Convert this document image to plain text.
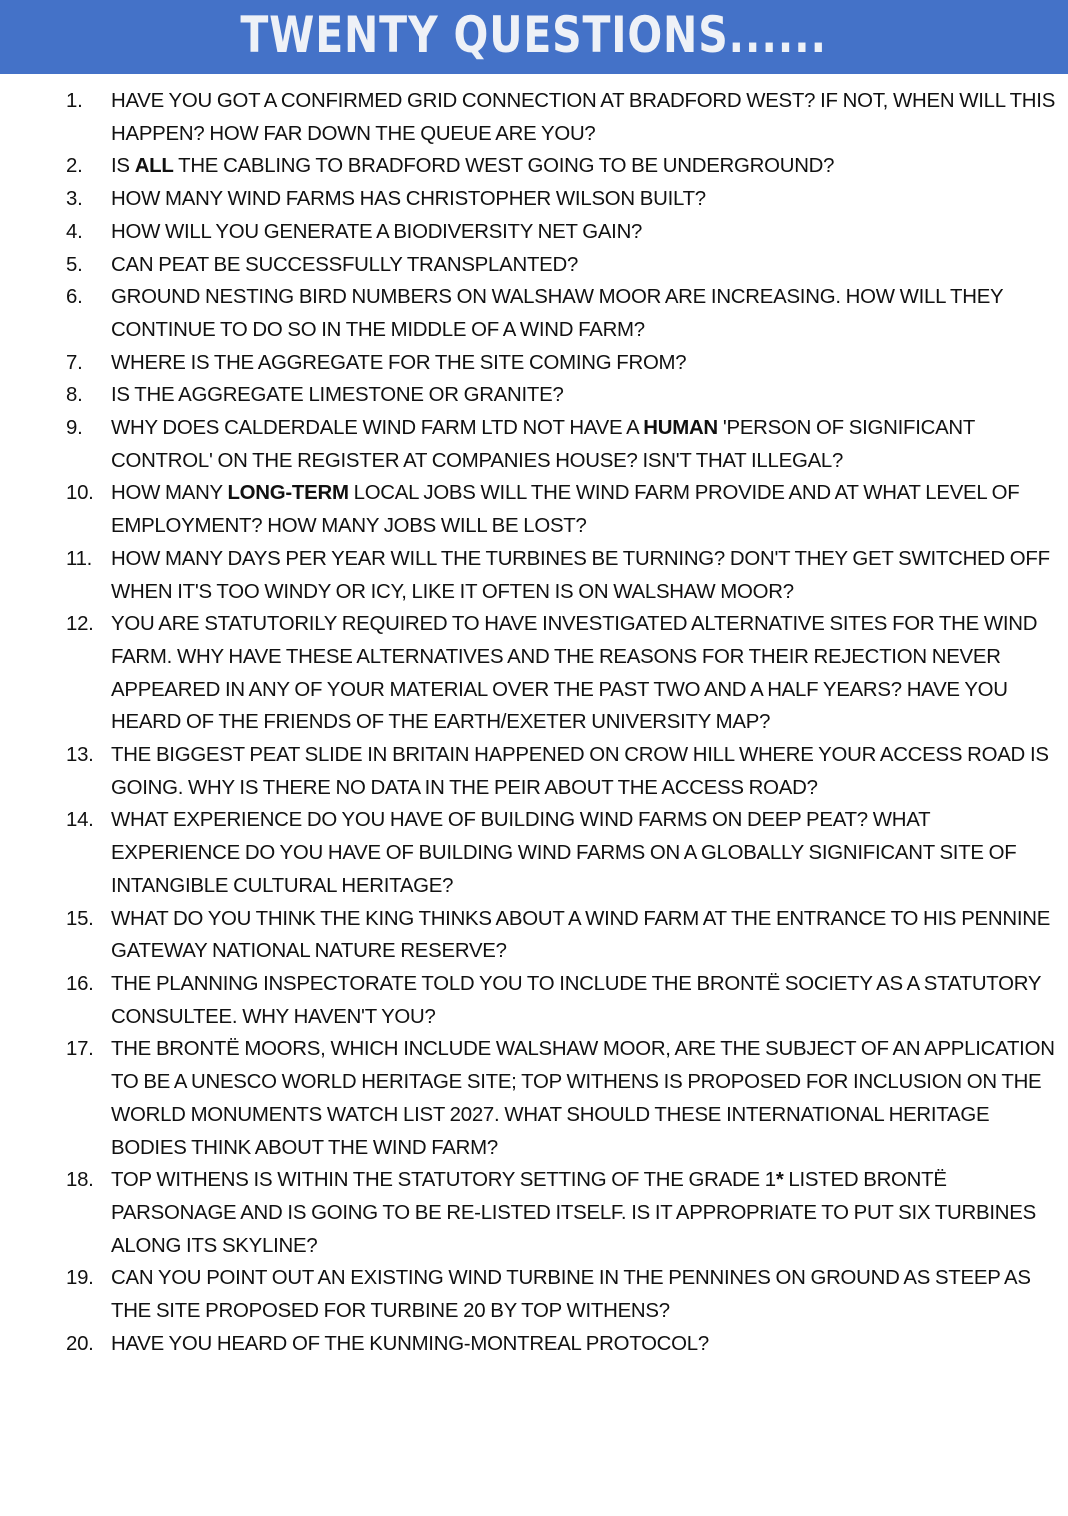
TWENTY QUESTIONS......
1. HAVE YOU GOT A CONFIRMED GRID CONNECTION AT BRADFORD WEST? IF NOT, WHEN WILL THIS HAPPEN? HOW FAR DOWN THE QUEUE ARE YOU?
2. IS ALL THE CABLING TO BRADFORD WEST GOING TO BE UNDERGROUND?
3. HOW MANY WIND FARMS HAS CHRISTOPHER WILSON BUILT?
4. HOW WILL YOU GENERATE A BIODIVERSITY NET GAIN?
5. CAN PEAT BE SUCCESSFULLY TRANSPLANTED?
6. GROUND NESTING BIRD NUMBERS ON WALSHAW MOOR ARE INCREASING. HOW WILL THEY CONTINUE TO DO SO IN THE MIDDLE OF A WIND FARM?
7. WHERE IS THE AGGREGATE FOR THE SITE COMING FROM?
8. IS THE AGGREGATE LIMESTONE OR GRANITE?
9. WHY DOES CALDERDALE WIND FARM LTD NOT HAVE A HUMAN 'PERSON OF SIGNIFICANT CONTROL' ON THE REGISTER AT COMPANIES HOUSE? ISN'T THAT ILLEGAL?
10. HOW MANY LONG-TERM LOCAL JOBS WILL THE WIND FARM PROVIDE AND AT WHAT LEVEL OF EMPLOYMENT? HOW MANY JOBS WILL BE LOST?
11. HOW MANY DAYS PER YEAR WILL THE TURBINES BE TURNING? DON'T THEY GET SWITCHED OFF WHEN IT'S TOO WINDY OR ICY, LIKE IT OFTEN IS ON WALSHAW MOOR?
12. YOU ARE STATUTORILY REQUIRED TO HAVE INVESTIGATED ALTERNATIVE SITES FOR THE WIND FARM. WHY HAVE THESE ALTERNATIVES AND THE REASONS FOR THEIR REJECTION NEVER APPEARED IN ANY OF YOUR MATERIAL OVER THE PAST TWO AND A HALF YEARS? HAVE YOU HEARD OF THE FRIENDS OF THE EARTH/EXETER UNIVERSITY MAP?
13. THE BIGGEST PEAT SLIDE IN BRITAIN HAPPENED ON CROW HILL WHERE YOUR ACCESS ROAD IS GOING. WHY IS THERE NO DATA IN THE PEIR ABOUT THE ACCESS ROAD?
14. WHAT EXPERIENCE DO YOU HAVE OF BUILDING WIND FARMS ON DEEP PEAT? WHAT EXPERIENCE DO YOU HAVE OF BUILDING WIND FARMS ON A GLOBALLY SIGNIFICANT SITE OF INTANGIBLE CULTURAL HERITAGE?
15. WHAT DO YOU THINK THE KING THINKS ABOUT A WIND FARM AT THE ENTRANCE TO HIS PENNINE GATEWAY NATIONAL NATURE RESERVE?
16. THE PLANNING INSPECTORATE TOLD YOU TO INCLUDE THE BRONTË SOCIETY AS A STATUTORY CONSULTEE. WHY HAVEN'T YOU?
17. THE BRONTË MOORS, WHICH INCLUDE WALSHAW MOOR, ARE THE SUBJECT OF AN APPLICATION TO BE A UNESCO WORLD HERITAGE SITE; TOP WITHENS IS PROPOSED FOR INCLUSION ON THE WORLD MONUMENTS WATCH LIST 2027. WHAT SHOULD THESE INTERNATIONAL HERITAGE BODIES THINK ABOUT THE WIND FARM?
18. TOP WITHENS IS WITHIN THE STATUTORY SETTING OF THE GRADE 1* LISTED BRONTË PARSONAGE AND IS GOING TO BE RE-LISTED ITSELF. IS IT APPROPRIATE TO PUT SIX TURBINES ALONG ITS SKYLINE?
19. CAN YOU POINT OUT AN EXISTING WIND TURBINE IN THE PENNINES ON GROUND AS STEEP AS THE SITE PROPOSED FOR TURBINE 20 BY TOP WITHENS?
20. HAVE YOU HEARD OF THE KUNMING-MONTREAL PROTOCOL?
